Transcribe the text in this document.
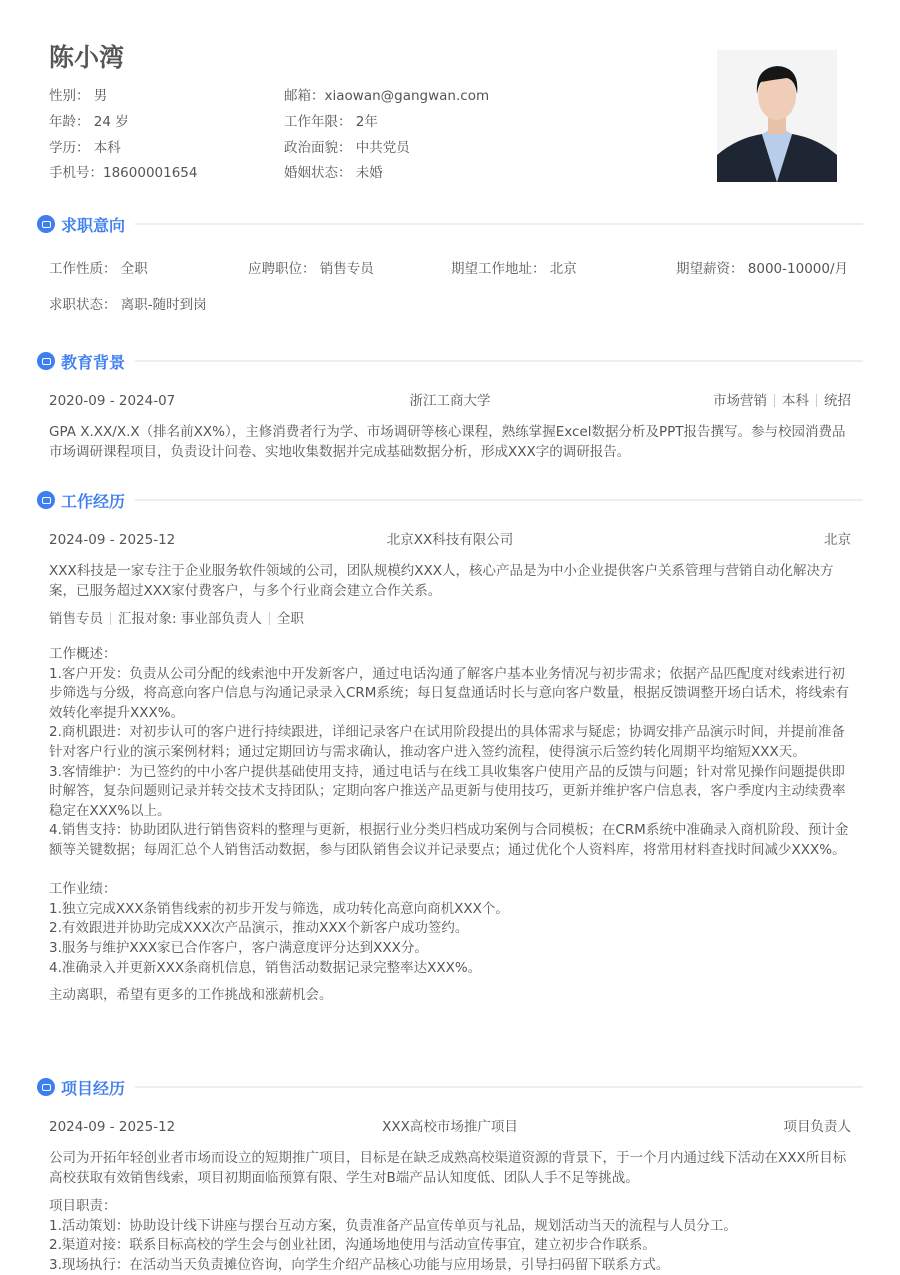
陈小湾
性别： 男	邮箱：xiaowan@gangwan.com
年龄： 24 岁	工作年限： 2年
学历： 本科	政治面貌： 中共党员
手机号：18600001654	婚姻状态： 未婚
求职意向
工作性质： 全职	应聘职位： 销售专员	期望工作地址： 北京	期望薪资： 8000-10000/月
求职状态： 离职-随时到岗
教育背景
2020-09 - 2024-07	浙江工商大学	市场营销 本科 统招
GPA X.XX/X.X（排名前XX%），主修消费者行为学、市场调研等核心课程，熟练掌握Excel数据分析及PPT报告撰写。参与校园消费品市场调研课程项目，负责设计问卷、实地收集数据并完成基础数据分析，形成XXX字的调研报告。
工作经历
2024-09 - 2025-12	北京XX科技有限公司	北京
XXX科技是一家专注于企业服务软件领域的公司，团队规模约XXX人，核心产品是为中小企业提供客户关系管理与营销自动化解决方案，已服务超过XXX家付费客户，与多个行业商会建立合作关系。
销售专员 汇报对象: 事业部负责人 全职
工作概述：
1.客户开发：负责从公司分配的线索池中开发新客户，通过电话沟通了解客户基本业务情况与初步需求；依据产品匹配度对线索进行初步筛选与分级，将高意向客户信息与沟通记录录入CRM系统；每日复盘通话时长与意向客户数量，根据反馈调整开场白话术，将线索有效转化率提升XXX%。
2.商机跟进：对初步认可的客户进行持续跟进，详细记录客户在试用阶段提出的具体需求与疑虑；协调安排产品演示时间，并提前准备针对客户行业的演示案例材料；通过定期回访与需求确认，推动客户进入签约流程，使得演示后签约转化周期平均缩短XXX天。
3.客情维护：为已签约的中小客户提供基础使用支持，通过电话与在线工具收集客户使用产品的反馈与问题；针对常见操作问题提供即时解答，复杂问题则记录并转交技术支持团队；定期向客户推送产品更新与使用技巧，更新并维护客户信息表，客户季度内主动续费率稳定在XXX%以上。
4.销售支持：协助团队进行销售资料的整理与更新，根据行业分类归档成功案例与合同模板；在CRM系统中准确录入商机阶段、预计金额等关键数据；每周汇总个人销售活动数据，参与团队销售会议并记录要点；通过优化个人资料库，将常用材料查找时间减少XXX%。
工作业绩：
1.独立完成XXX条销售线索的初步开发与筛选，成功转化高意向商机XXX个。
2.有效跟进并协助完成XXX次产品演示，推动XXX个新客户成功签约。
3.服务与维护XXX家已合作客户，客户满意度评分达到XXX分。
4.准确录入并更新XXX条商机信息，销售活动数据记录完整率达XXX%。
主动离职，希望有更多的工作挑战和涨薪机会。
项目经历
2024-09 - 2025-12	XXX高校市场推广项目	项目负责人
公司为开拓年轻创业者市场而设立的短期推广项目，目标是在缺乏成熟高校渠道资源的背景下，于一个月内通过线下活动在XXX所目标高校获取有效销售线索，项目初期面临预算有限、学生对B端产品认知度低、团队人手不足等挑战。
项目职责：
1.活动策划：协助设计线下讲座与摆台互动方案，负责准备产品宣传单页与礼品，规划活动当天的流程与人员分工。
2.渠道对接：联系目标高校的学生会与创业社团，沟通场地使用与活动宣传事宜，建立初步合作联系。
3.现场执行：在活动当天负责摊位咨询，向学生介绍产品核心功能与应用场景，引导扫码留下联系方式。
